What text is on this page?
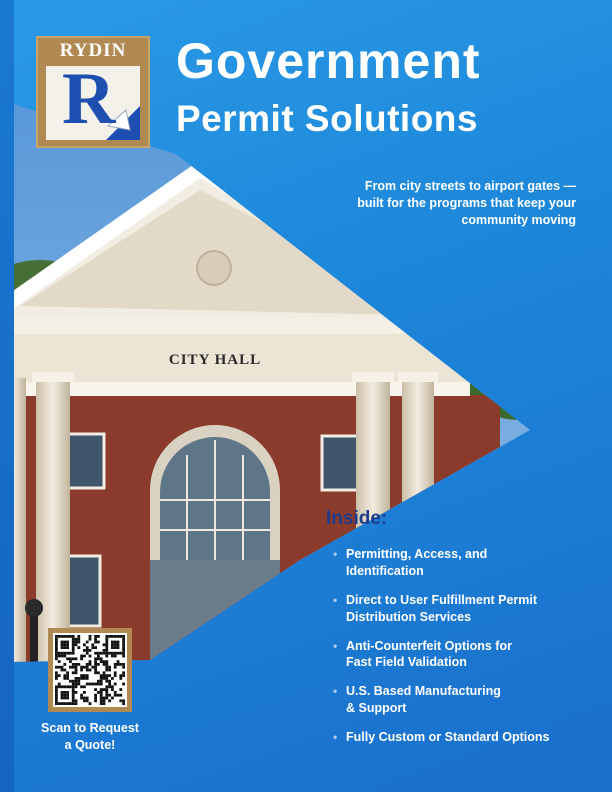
CITY HALL
RYDIN
R Government
Permit Solutions
From city streets to airport gates —
built for the programs that keep your
community moving
Inside:
• Permitting, Access, and
Identification
• Direct to User Fulfillment Permit
Distribution Services
• Anti-Counterfeit Options for
Fast Field Validation
• U.S. Based Manufacturing
& Support
• Fully Custom or Standard Options
Scan to Request
a Quote!
